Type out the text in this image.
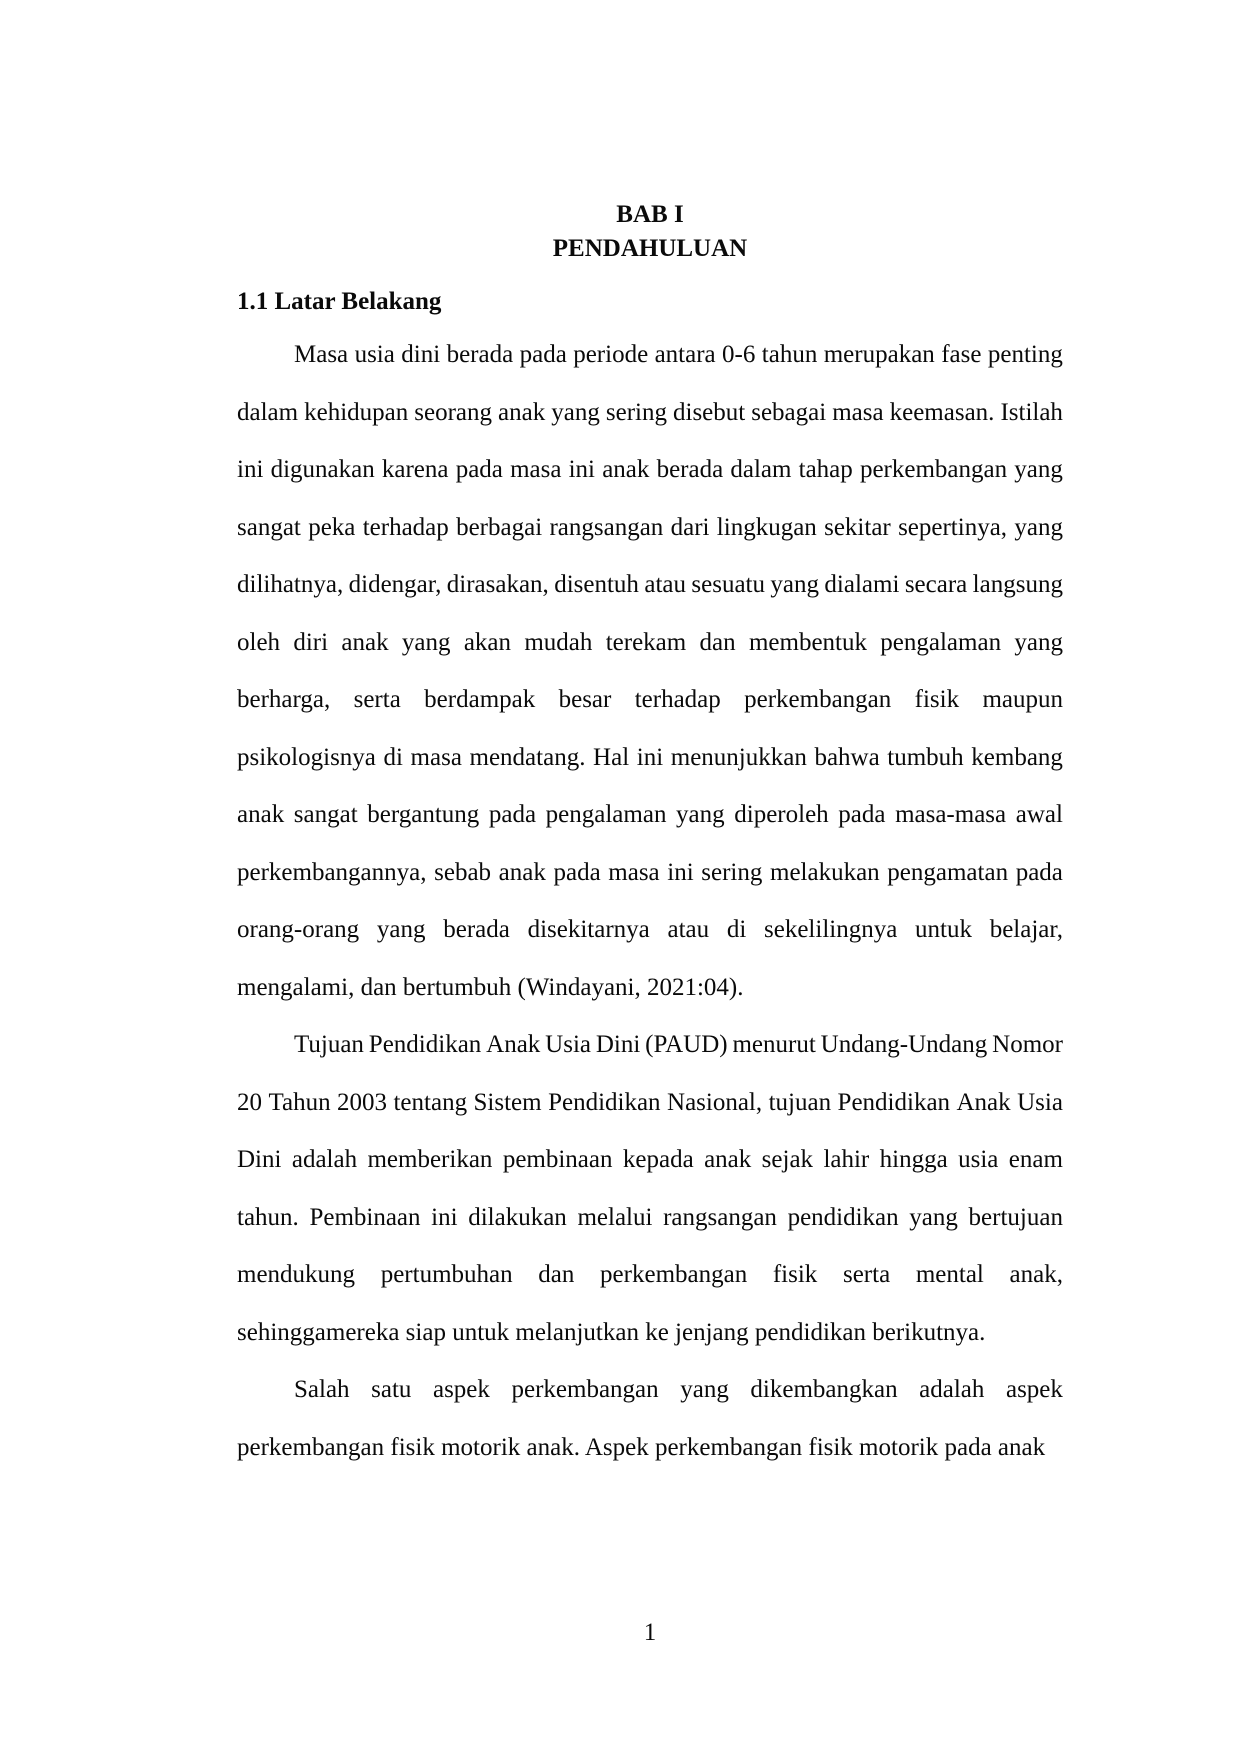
BAB I
PENDAHULUAN
1.1 Latar Belakang
Masa usia dini berada pada periode antara 0-6 tahun merupakan fase penting
dalam kehidupan seorang anak yang sering disebut sebagai masa keemasan. Istilah
ini digunakan karena pada masa ini anak berada dalam tahap perkembangan yang
sangat peka terhadap berbagai rangsangan dari lingkugan sekitar sepertinya, yang
dilihatnya, didengar, dirasakan, disentuh atau sesuatu yang dialami secara langsung
oleh diri anak yang akan mudah terekam dan membentuk pengalaman yang
berharga, serta berdampak besar terhadap perkembangan fisik maupun
psikologisnya di masa mendatang. Hal ini menunjukkan bahwa tumbuh kembang
anak sangat bergantung pada pengalaman yang diperoleh pada masa-masa awal
perkembangannya, sebab anak pada masa ini sering melakukan pengamatan pada
orang-orang yang berada disekitarnya atau di sekelilingnya untuk belajar,
mengalami, dan bertumbuh (Windayani, 2021:04).
Tujuan Pendidikan Anak Usia Dini (PAUD) menurut Undang-Undang Nomor
20 Tahun 2003 tentang Sistem Pendidikan Nasional, tujuan Pendidikan Anak Usia
Dini adalah memberikan pembinaan kepada anak sejak lahir hingga usia enam
tahun. Pembinaan ini dilakukan melalui rangsangan pendidikan yang bertujuan
mendukung pertumbuhan dan perkembangan fisik serta mental anak,
sehinggamereka siap untuk melanjutkan ke jenjang pendidikan berikutnya.
Salah satu aspek perkembangan yang dikembangkan adalah aspek
perkembangan fisik motorik anak. Aspek perkembangan fisik motorik pada anak
1
